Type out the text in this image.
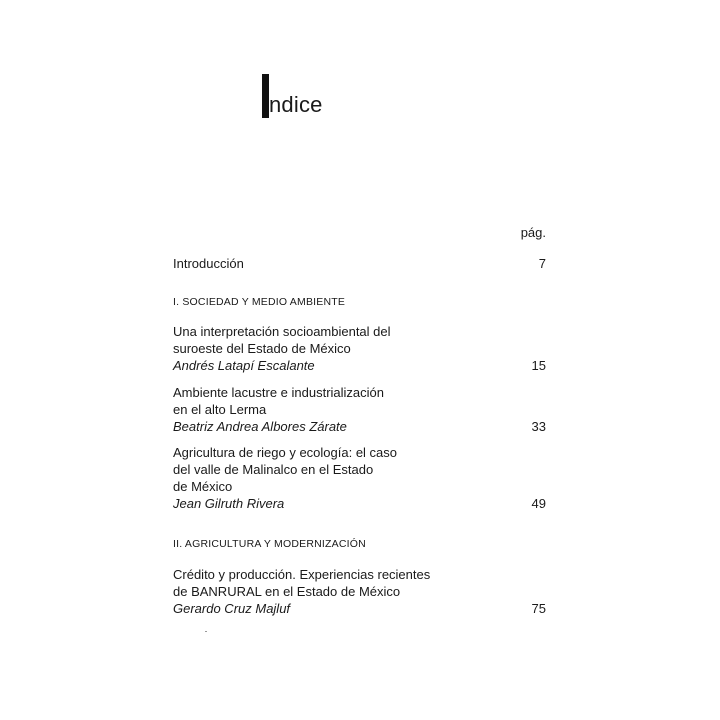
ndice
pág.
Introducción	7
I. SOCIEDAD Y MEDIO AMBIENTE
Una interpretación socioambiental del
suroeste del Estado de México
Andrés Latapí Escalante	15
Ambiente lacustre e industrialización
en el alto Lerma
Beatriz Andrea Albores Zárate	33
Agricultura de riego y ecología: el caso
del valle de Malinalco en el Estado
de México
Jean Gilruth Rivera	49
II. AGRICULTURA Y MODERNIZACIÓN
Crédito y producción. Experiencias recientes
de BANRURAL en el Estado de México
Gerardo Cruz Majluf	75
